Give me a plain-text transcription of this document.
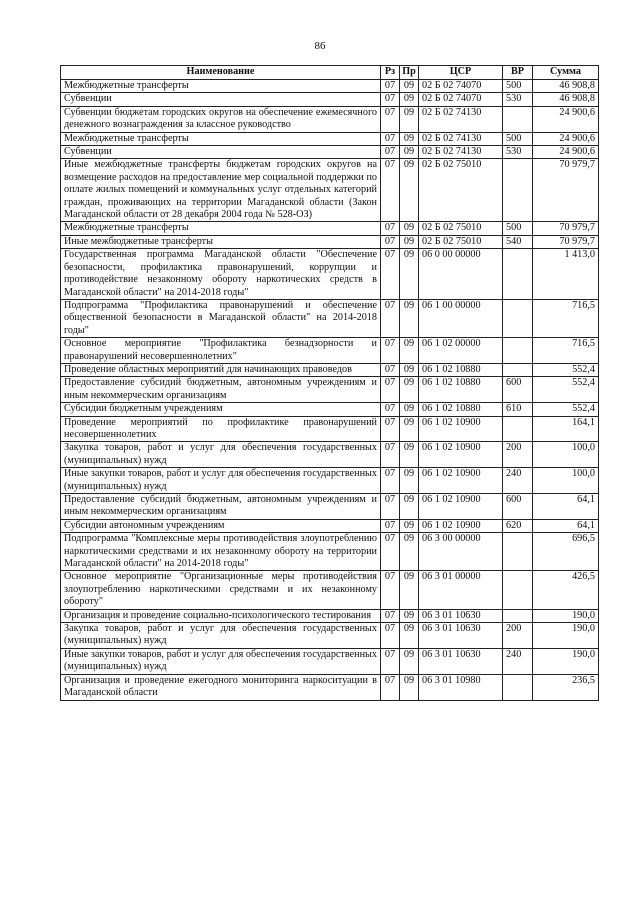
86
Наименование	Рз	Пр	ЦСР	ВР	Сумма
Межбюджетные трансферты	07	09	02 Б 02 74070	500	46 908,8
Субвенции	07	09	02 Б 02 74070	530	46 908,8
Субвенции бюджетам городских округов на обеспечение ежемесячного денежного вознаграждения за классное руководство	07	09	02 Б 02 74130		24 900,6
Межбюджетные трансферты	07	09	02 Б 02 74130	500	24 900,6
Субвенции	07	09	02 Б 02 74130	530	24 900,6
Иные межбюджетные трансферты бюджетам городских округов на возмещение расходов на предоставление мер социальной поддержки по оплате жилых помещений и коммунальных услуг отдельных категорий граждан, проживающих на территории Магаданской области (Закон Магаданской области от 28 декабря 2004 года № 528-ОЗ)	07	09	02 Б 02 75010		70 979,7
Межбюджетные трансферты	07	09	02 Б 02 75010	500	70 979,7
Иные межбюджетные трансферты	07	09	02 Б 02 75010	540	70 979,7
Государственная программа Магаданской области "Обеспечение безопасности, профилактика правонарушений, коррупции и противодействие незаконному обороту наркотических средств в Магаданской области" на 2014-2018 годы"	07	09	06 0 00 00000		1 413,0
Подпрограмма "Профилактика правонарушений и обеспечение общественной безопасности в Магаданской области" на 2014-2018 годы"	07	09	06 1 00 00000		716,5
Основное мероприятие "Профилактика безнадзорности и правонарушений несовершеннолетних"	07	09	06 1 02 00000		716,5
Проведение областных мероприятий для начинающих правоведов	07	09	06 1 02 10880		552,4
Предоставление субсидий бюджетным, автономным учреждениям и иным некоммерческим организациям	07	09	06 1 02 10880	600	552,4
Субсидии бюджетным учреждениям	07	09	06 1 02 10880	610	552,4
Проведение мероприятий по профилактике правонарушений несовершеннолетних	07	09	06 1 02 10900		164,1
Закупка товаров, работ и услуг для обеспечения государственных (муниципальных) нужд	07	09	06 1 02 10900	200	100,0
Иные закупки товаров, работ и услуг для обеспечения государственных (муниципальных) нужд	07	09	06 1 02 10900	240	100,0
Предоставление субсидий бюджетным, автономным учреждениям и иным некоммерческим организациям	07	09	06 1 02 10900	600	64,1
Субсидии автономным учреждениям	07	09	06 1 02 10900	620	64,1
Подпрограмма "Комплексные меры противодействия злоупотреблению наркотическими средствами и их незаконному обороту на территории Магаданской области" на 2014-2018 годы"	07	09	06 3 00 00000		696,5
Основное мероприятие "Организационные меры противодействия злоупотреблению наркотическими средствами и их незаконному обороту"	07	09	06 3 01 00000		426,5
Организация и проведение социально-психологического тестирования	07	09	06 3 01 10630		190,0
Закупка товаров, работ и услуг для обеспечения государственных (муниципальных) нужд	07	09	06 3 01 10630	200	190,0
Иные закупки товаров, работ и услуг для обеспечения государственных (муниципальных) нужд	07	09	06 3 01 10630	240	190,0
Организация и проведение ежегодного мониторинга наркоситуации в Магаданской области	07	09	06 3 01 10980		236,5
